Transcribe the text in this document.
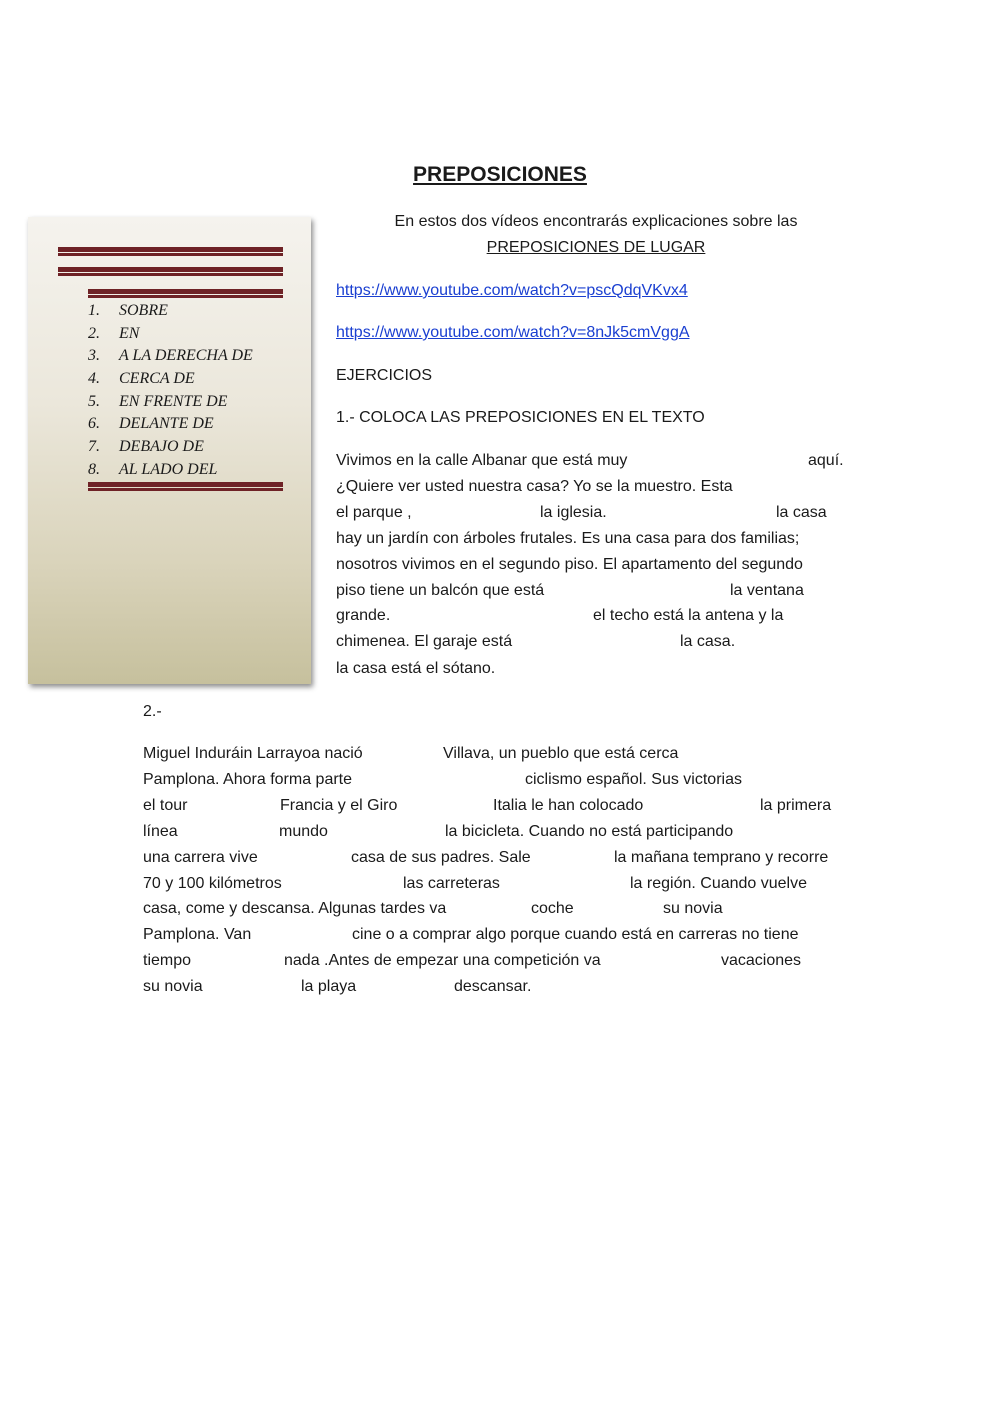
PREPOSICIONES
1.	SOBRE
2.	EN
3.	A LA DERECHA DE
4.	CERCA DE
5.	EN FRENTE DE
6.	DELANTE DE
7.	DEBAJO DE
8.	AL LADO DEL
En estos dos vídeos encontrarás explicaciones sobre las
PREPOSICIONES DE LUGAR
https://www.youtube.com/watch?v=pscQdqVKvx4
https://www.youtube.com/watch?v=8nJk5cmVggA
EJERCICIOS
1.- COLOCA LAS PREPOSICIONES EN EL TEXTO
Vivimos en la calle Albanar que está muy	aquí.
¿Quiere ver usted nuestra casa? Yo se la muestro. Esta
el parque ,	la iglesia.	la casa
hay un jardín con árboles frutales. Es una casa para dos familias;
nosotros vivimos en el segundo piso. El apartamento del segundo
piso tiene un balcón que está	la ventana
grande.	el techo está la antena y la
chimenea. El garaje está	la casa.
la casa está el sótano.
2.-
Miguel Induráin Larrayoa nació	Villava, un pueblo que está cerca
Pamplona. Ahora forma parte	ciclismo español. Sus victorias
el tour	Francia y el Giro	Italia le han colocado	la primera
línea	mundo	la bicicleta. Cuando no está participando
una carrera vive	casa de sus padres. Sale	la mañana temprano y recorre
70 y 100 kilómetros	las carreteras	la región. Cuando vuelve
casa, come y descansa. Algunas tardes va	coche	su novia
Pamplona. Van	cine o a comprar algo porque cuando está en carreras no tiene
tiempo	nada .Antes de empezar una competición va	vacaciones
su novia	la playa	descansar.
